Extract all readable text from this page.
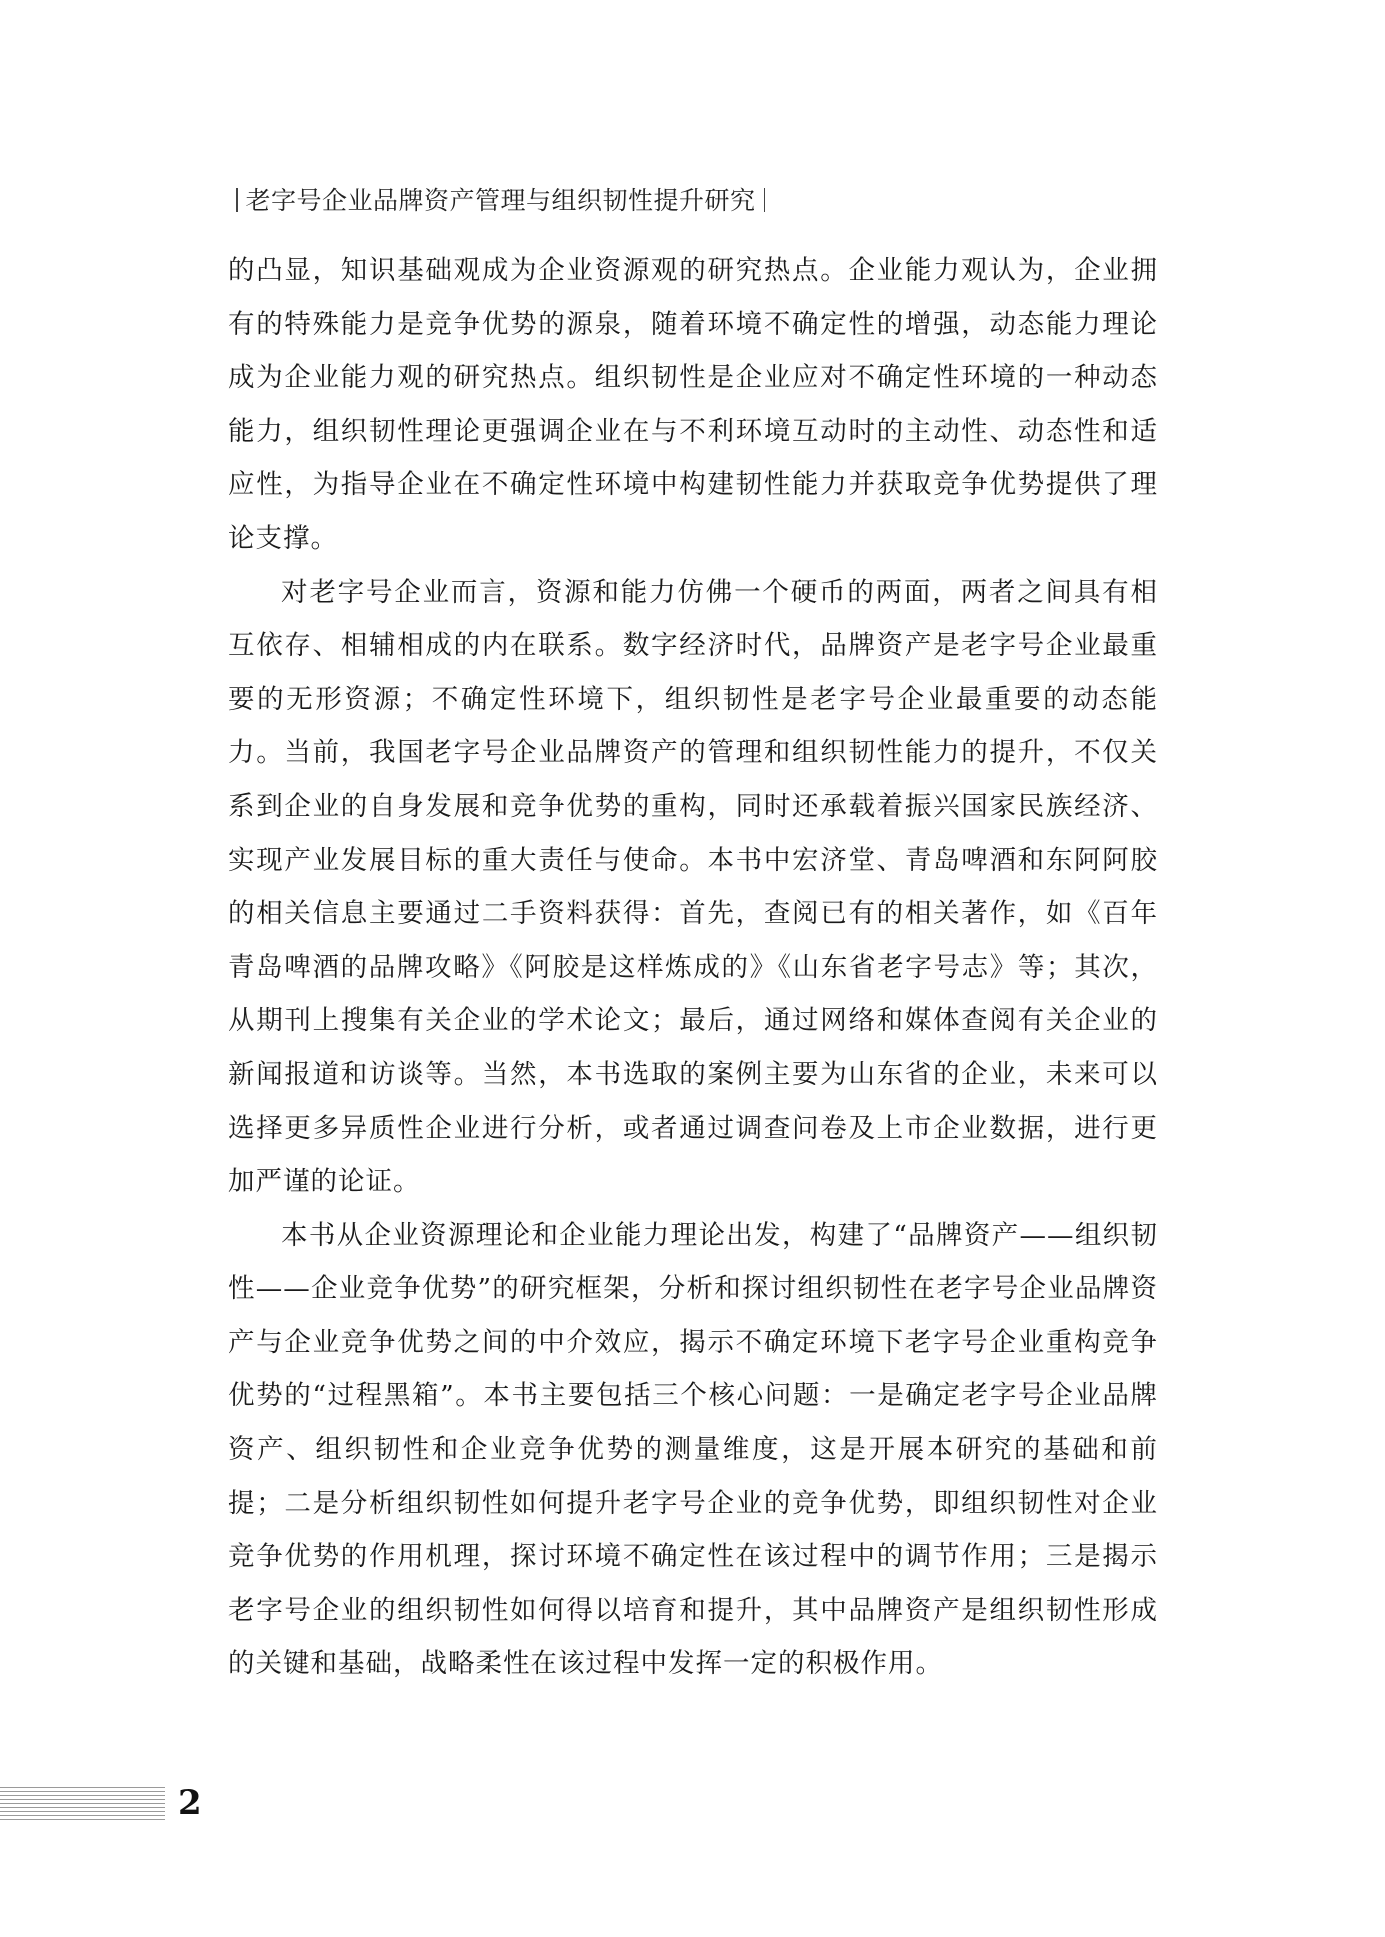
老字号企业品牌资产管理与组织韧性提升研究

的凸显，知识基础观成为企业资源观的研究热点。企业能力观认为，企业拥有的特殊能力是竞争优势的源泉，随着环境不确定性的增强，动态能力理论成为企业能力观的研究热点。组织韧性是企业应对不确定性环境的一种动态能力，组织韧性理论更强调企业在与不利环境互动时的主动性、动态性和适应性，为指导企业在不确定性环境中构建韧性能力并获取竞争优势提供了理论支撑。

对老字号企业而言，资源和能力仿佛一个硬币的两面，两者之间具有相互依存、相辅相成的内在联系。数字经济时代，品牌资产是老字号企业最重要的无形资源；不确定性环境下，组织韧性是老字号企业最重要的动态能力。当前，我国老字号企业品牌资产的管理和组织韧性能力的提升，不仅关系到企业的自身发展和竞争优势的重构，同时还承载着振兴国家民族经济、实现产业发展目标的重大责任与使命。本书中宏济堂、青岛啤酒和东阿阿胶的相关信息主要通过二手资料获得：首先，查阅已有的相关著作，如《百年青岛啤酒的品牌攻略》《阿胶是这样炼成的》《山东省老字号志》等；其次，从期刊上搜集有关企业的学术论文；最后，通过网络和媒体查阅有关企业的新闻报道和访谈等。当然，本书选取的案例主要为山东省的企业，未来可以选择更多异质性企业进行分析，或者通过调查问卷及上市企业数据，进行更加严谨的论证。

本书从企业资源理论和企业能力理论出发，构建了“品牌资产——组织韧性——企业竞争优势”的研究框架，分析和探讨组织韧性在老字号企业品牌资产与企业竞争优势之间的中介效应，揭示不确定环境下老字号企业重构竞争优势的“过程黑箱”。本书主要包括三个核心问题：一是确定老字号企业品牌资产、组织韧性和企业竞争优势的测量维度，这是开展本研究的基础和前提；二是分析组织韧性如何提升老字号企业的竞争优势，即组织韧性对企业竞争优势的作用机理，探讨环境不确定性在该过程中的调节作用；三是揭示老字号企业的组织韧性如何得以培育和提升，其中品牌资产是组织韧性形成的关键和基础，战略柔性在该过程中发挥一定的积极作用。

2
